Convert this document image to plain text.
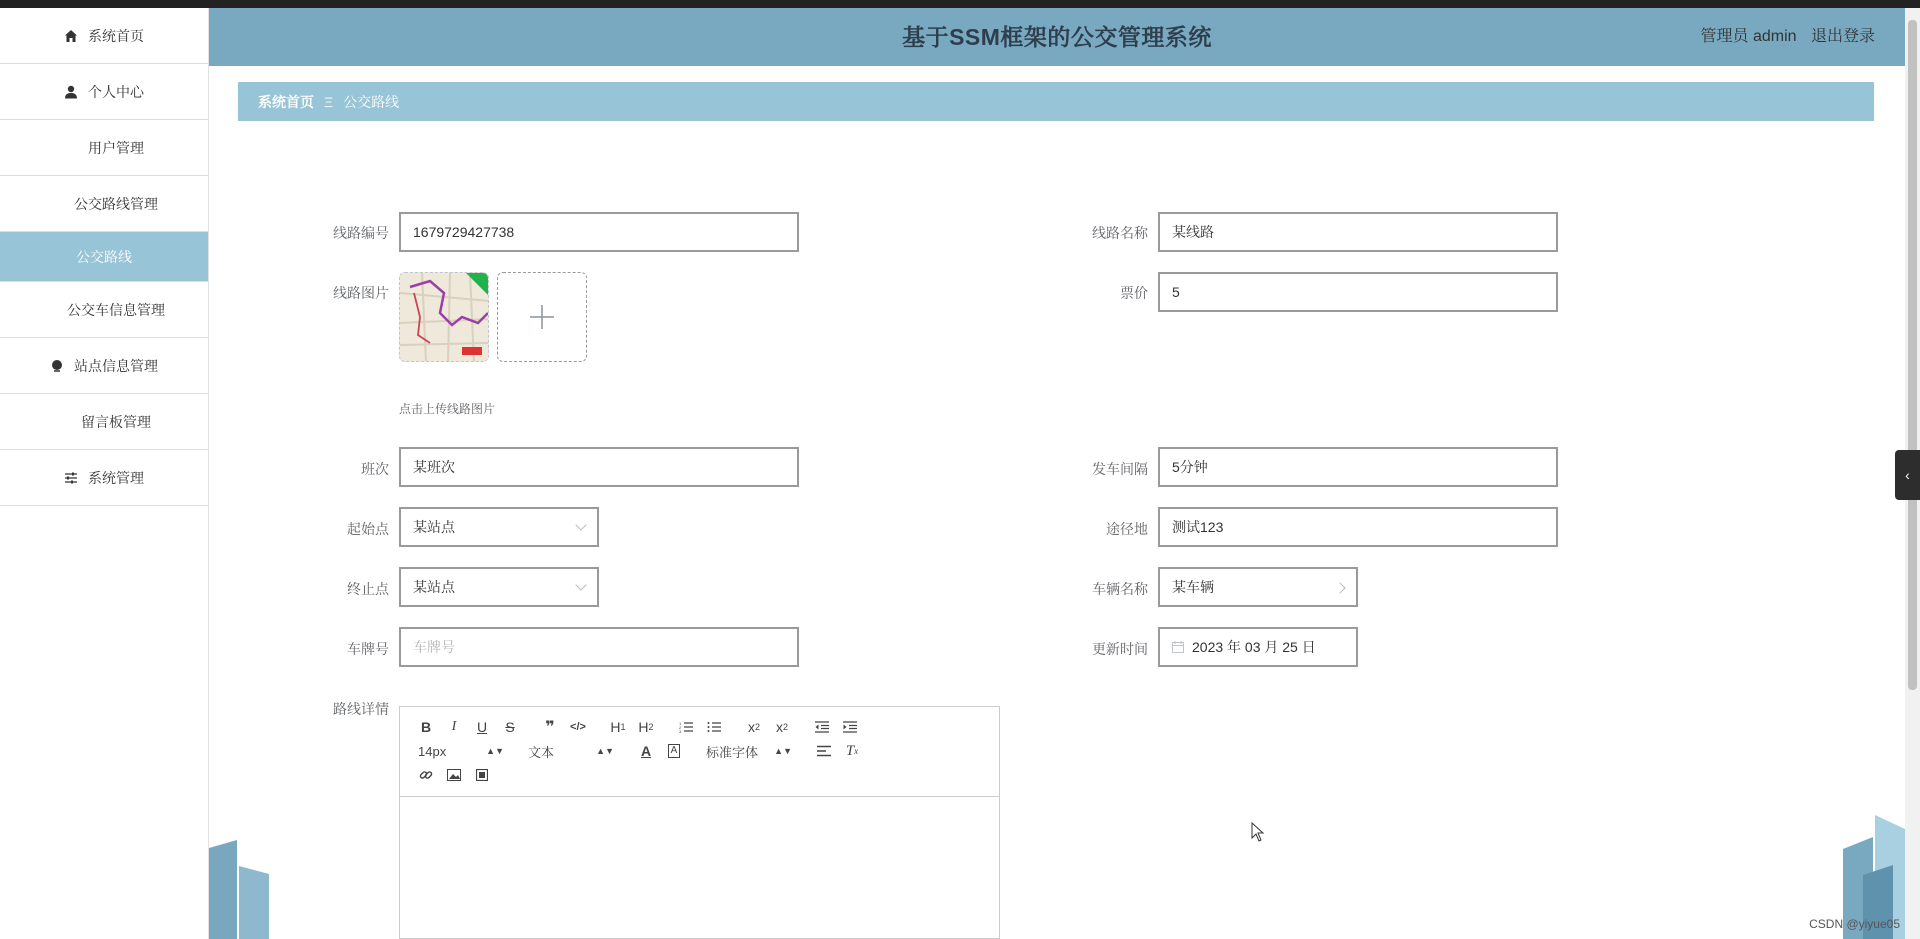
系统首页
个人中心
用户管理
公交路线管理
公交路线
公交车信息管理
站点信息管理
留言板管理
系统管理
基于SSM框架的公交管理系统	管理员 admin 退出登录
系统首页 Ξ 公交路线
线路编号	1679729427738	线路名称	某线路
线路图片
点击上传线路图片
票价	5
班次	某班次	发车间隔	5分钟
起始点 某站点	途径地	测试123
终止点 某站点	车辆名称 某车辆
车牌号	车牌号	更新时间	2023 年 03 月 25 日
路线详情
B	I	U	S	❞	</>	H 1 H 2	1
2
3	x 2	x 2
14px	▲▼ 文本	▲▼	A	A 标准字体 ▲▼	T x
‹
CSDN @yiyue05
